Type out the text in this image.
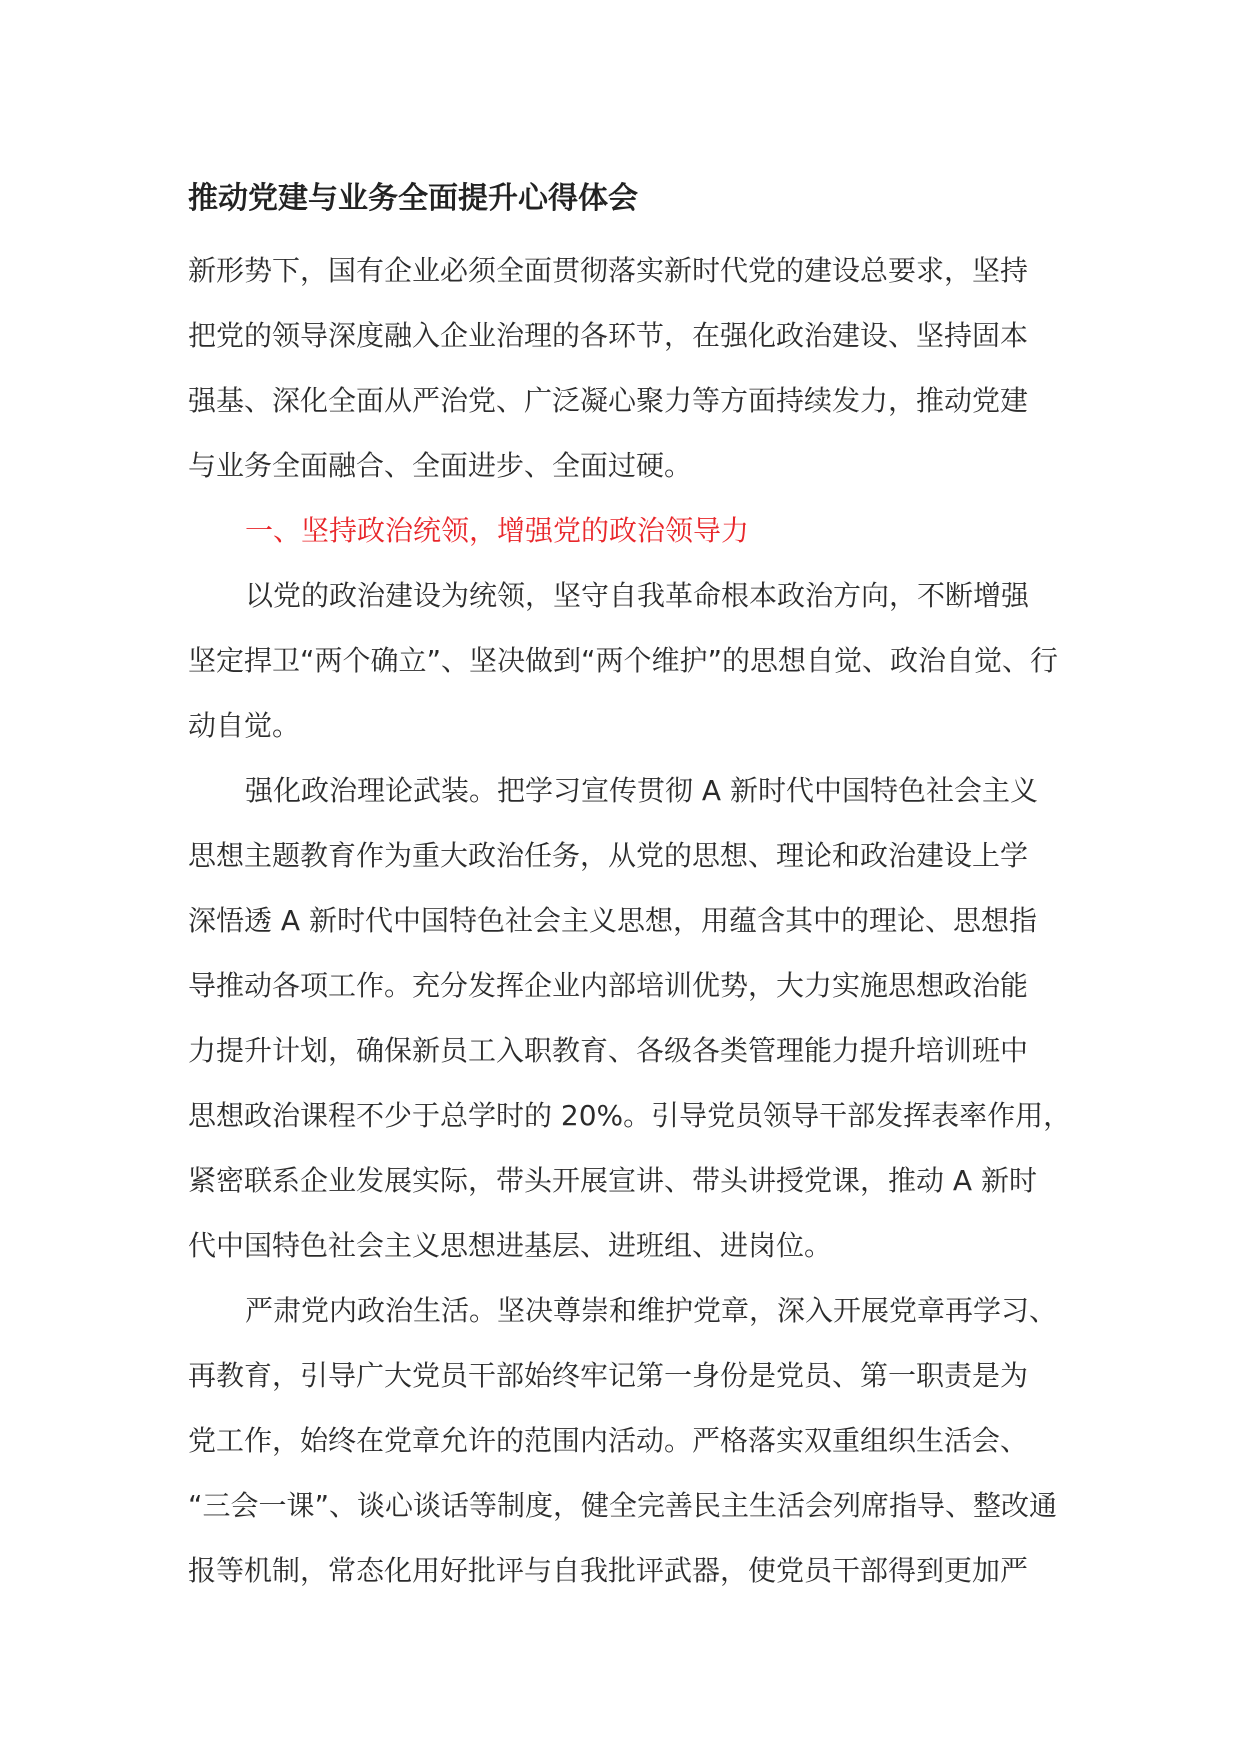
推动党建与业务全面提升心得体会
新形势下，国有企业必须全面贯彻落实新时代党的建设总要求，坚持
把党的领导深度融入企业治理的各环节，在强化政治建设、坚持固本
强基、深化全面从严治党、广泛凝心聚力等方面持续发力，推动党建
与业务全面融合、全面进步、全面过硬。
一、坚持政治统领，增强党的政治领导力
以党的政治建设为统领，坚守自我革命根本政治方向，不断增强
坚定捍卫“两个确立”、坚决做到“两个维护”的思想自觉、政治自觉、行
动自觉。
强化政治理论武装。把学习宣传贯彻 A 新时代中国特色社会主义
思想主题教育作为重大政治任务，从党的思想、理论和政治建设上学
深悟透 A 新时代中国特色社会主义思想，用蕴含其中的理论、思想指
导推动各项工作。充分发挥企业内部培训优势，大力实施思想政治能
力提升计划，确保新员工入职教育、各级各类管理能力提升培训班中
思想政治课程不少于总学时的 20%。引导党员领导干部发挥表率作用，
紧密联系企业发展实际，带头开展宣讲、带头讲授党课，推动 A 新时
代中国特色社会主义思想进基层、进班组、进岗位。
严肃党内政治生活。坚决尊崇和维护党章，深入开展党章再学习、
再教育，引导广大党员干部始终牢记第一身份是党员、第一职责是为
党工作，始终在党章允许的范围内活动。严格落实双重组织生活会、
“三会一课”、谈心谈话等制度，健全完善民主生活会列席指导、整改通
报等机制，常态化用好批评与自我批评武器，使党员干部得到更加严
